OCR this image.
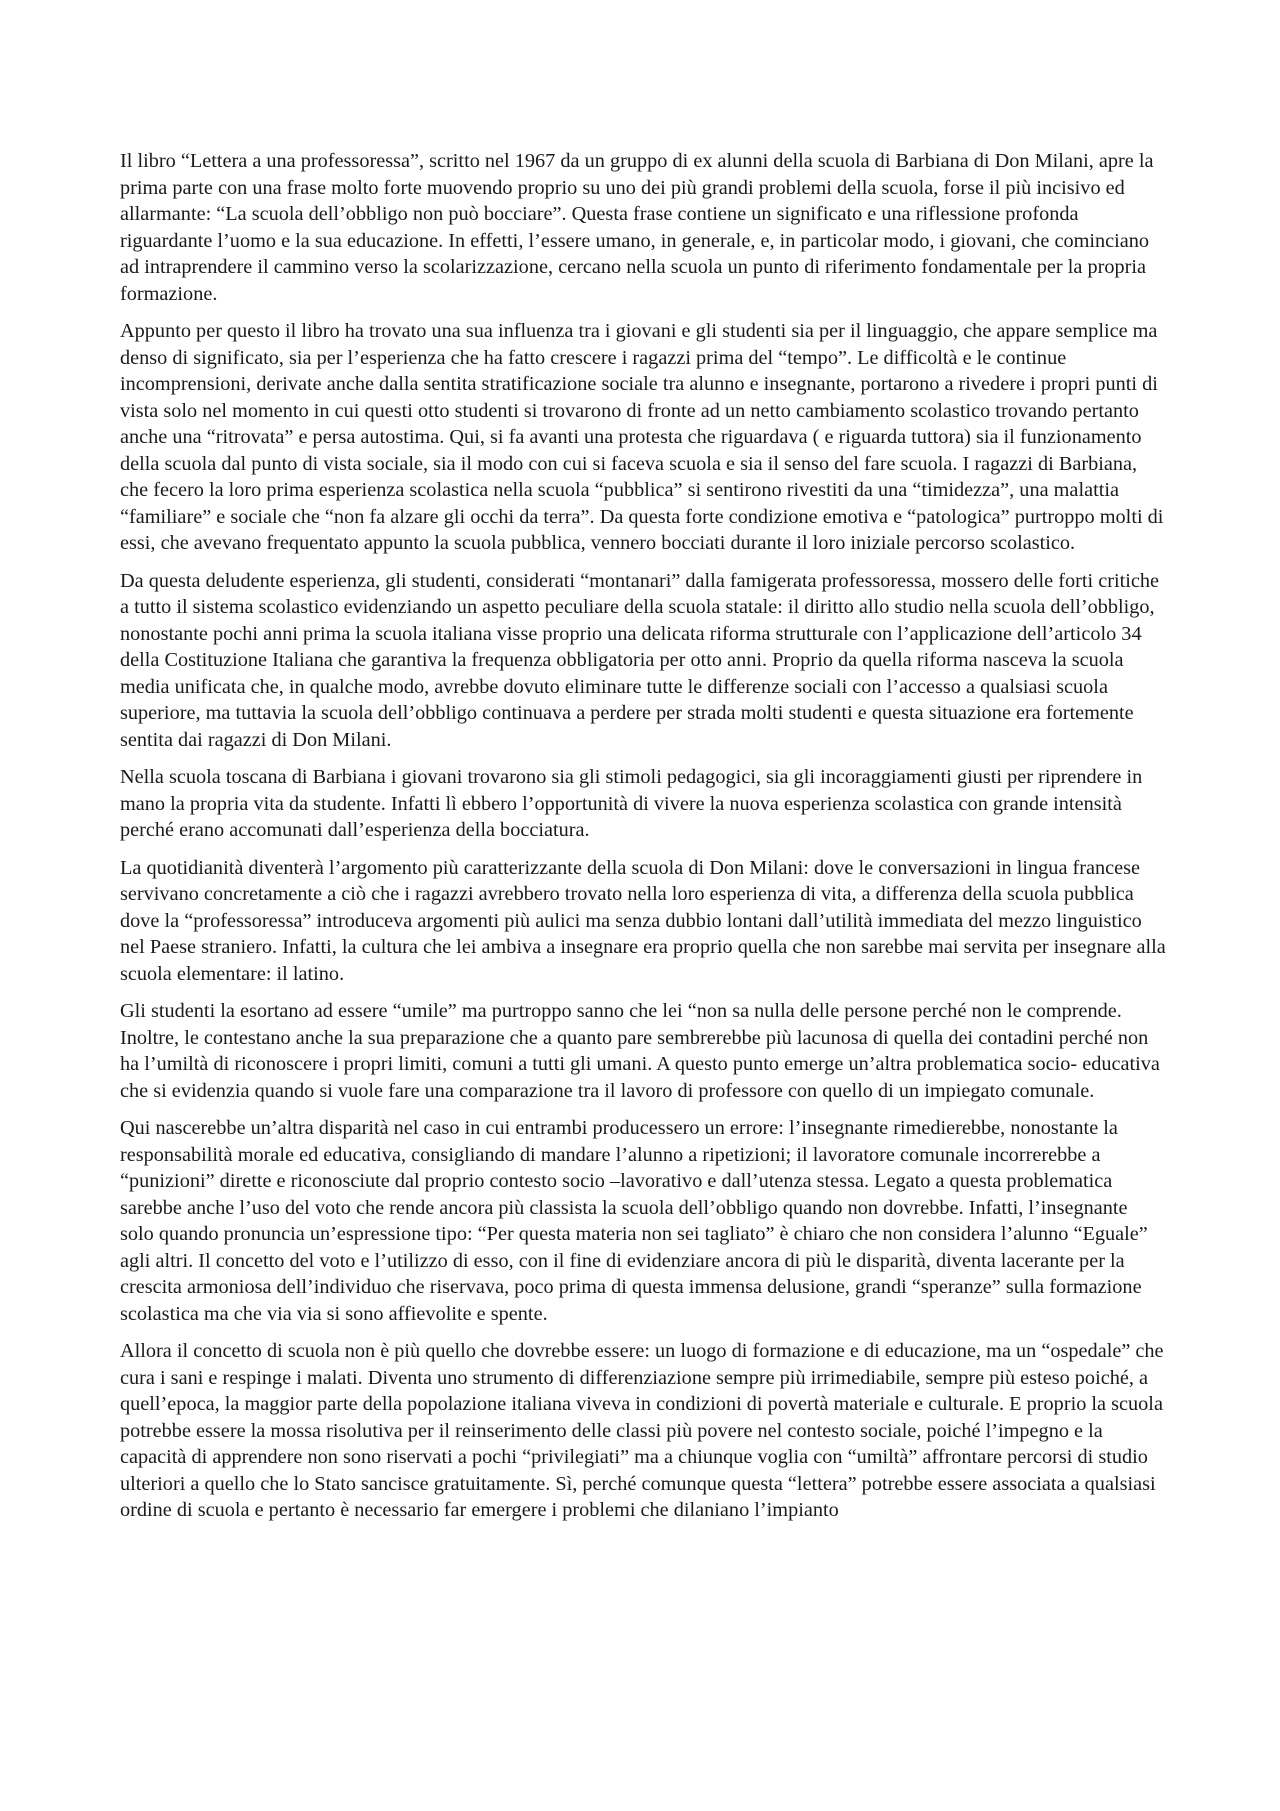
Il libro “Lettera a una professoressa”, scritto nel 1967 da un gruppo di ex alunni della scuola di Barbiana di Don Milani, apre la prima parte con una frase molto forte muovendo proprio su uno dei più grandi problemi della scuola, forse il più incisivo ed allarmante: “La scuola dell’obbligo non può bocciare”. Questa frase contiene un significato e una riflessione profonda riguardante l’uomo e la sua educazione. In effetti, l’essere umano, in generale, e, in particolar modo, i giovani, che cominciano ad intraprendere il cammino verso la scolarizzazione, cercano nella scuola un punto di riferimento fondamentale per la propria formazione.

Appunto per questo il libro ha trovato una sua influenza tra i giovani e gli studenti sia per il linguaggio, che appare semplice ma denso di significato, sia per l’esperienza che ha fatto crescere i ragazzi prima del “tempo”. Le difficoltà e le continue incomprensioni, derivate anche dalla sentita stratificazione sociale tra alunno e insegnante, portarono a rivedere i propri punti di vista solo nel momento in cui questi otto studenti si trovarono di fronte ad un netto cambiamento scolastico trovando pertanto anche una “ritrovata” e persa autostima. Qui, si fa avanti una protesta che riguardava ( e riguarda tuttora) sia il funzionamento della scuola dal punto di vista sociale, sia il modo con cui si faceva scuola e sia il senso del fare scuola. I ragazzi di Barbiana, che fecero la loro prima esperienza scolastica nella scuola “pubblica” si sentirono rivestiti da una “timidezza”, una malattia “familiare” e sociale che “non fa alzare gli occhi da terra”. Da questa forte condizione emotiva e “patologica” purtroppo molti di essi, che avevano frequentato appunto la scuola pubblica, vennero bocciati durante il loro iniziale percorso scolastico.

Da questa deludente esperienza, gli studenti, considerati “montanari” dalla famigerata professoressa, mossero delle forti critiche a tutto il sistema scolastico evidenziando un aspetto peculiare della scuola statale: il diritto allo studio nella scuola dell’obbligo, nonostante pochi anni prima la scuola italiana visse proprio una delicata riforma strutturale con l’applicazione dell’articolo 34 della Costituzione Italiana che garantiva la frequenza obbligatoria per otto anni. Proprio da quella riforma nasceva la scuola media unificata che, in qualche modo, avrebbe dovuto eliminare tutte le differenze sociali con l’accesso a qualsiasi scuola superiore, ma tuttavia la scuola dell’obbligo continuava a perdere per strada molti studenti e questa situazione era fortemente sentita dai ragazzi di Don Milani.

Nella scuola toscana di Barbiana i giovani trovarono sia gli stimoli pedagogici, sia gli incoraggiamenti giusti per riprendere in mano la propria vita da studente. Infatti lì ebbero l’opportunità di vivere la nuova esperienza scolastica con grande intensità perché erano accomunati dall’esperienza della bocciatura.

La quotidianità diventerà l’argomento più caratterizzante della scuola di Don Milani: dove le conversazioni in lingua francese servivano concretamente a ciò che i ragazzi avrebbero trovato nella loro esperienza di vita, a differenza della scuola pubblica dove la “professoressa” introduceva argomenti più aulici ma senza dubbio lontani dall’utilità immediata del mezzo linguistico nel Paese straniero. Infatti, la cultura che lei ambiva a insegnare era proprio quella che non sarebbe mai servita per insegnare alla scuola elementare: il latino.

Gli studenti la esortano ad essere “umile” ma purtroppo sanno che lei “non sa nulla delle persone perché non le comprende. Inoltre, le contestano anche la sua preparazione che a quanto pare sembrerebbe più lacunosa di quella dei contadini perché non ha l’umiltà di riconoscere i propri limiti, comuni a tutti gli umani. A questo punto emerge un’altra problematica socio- educativa che si evidenzia quando si vuole fare una comparazione tra il lavoro di professore con quello di un impiegato comunale.

Qui nascerebbe un’altra disparità nel caso in cui entrambi producessero un errore: l’insegnante rimedierebbe, nonostante la responsabilità morale ed educativa, consigliando di mandare l’alunno a ripetizioni; il lavoratore comunale incorrerebbe a “punizioni” dirette e riconosciute dal proprio contesto socio –lavorativo e dall’utenza stessa. Legato a questa problematica sarebbe anche l’uso del voto che rende ancora più classista la scuola dell’obbligo quando non dovrebbe. Infatti, l’insegnante solo quando pronuncia un’espressione tipo: “Per questa materia non sei tagliato” è chiaro che non considera l’alunno “Eguale” agli altri. Il concetto del voto e l’utilizzo di esso, con il fine di evidenziare ancora di più le disparità, diventa lacerante per la crescita armoniosa dell’individuo che riservava, poco prima di questa immensa delusione, grandi “speranze” sulla formazione scolastica ma che via via si sono affievolite e spente.

Allora il concetto di scuola non è più quello che dovrebbe essere: un luogo di formazione e di educazione, ma un “ospedale” che cura i sani e respinge i malati. Diventa uno strumento di differenziazione sempre più irrimediabile, sempre più esteso poiché, a quell’epoca, la maggior parte della popolazione italiana viveva in condizioni di povertà materiale e culturale. E proprio la scuola potrebbe essere la mossa risolutiva per il reinserimento delle classi più povere nel contesto sociale, poiché l’impegno e la capacità di apprendere non sono riservati a pochi “privilegiati” ma a chiunque voglia con “umiltà” affrontare percorsi di studio ulteriori a quello che lo Stato sancisce gratuitamente. Sì, perché comunque questa “lettera” potrebbe essere associata a qualsiasi ordine di scuola e pertanto è necessario far emergere i problemi che dilaniano l’impianto
